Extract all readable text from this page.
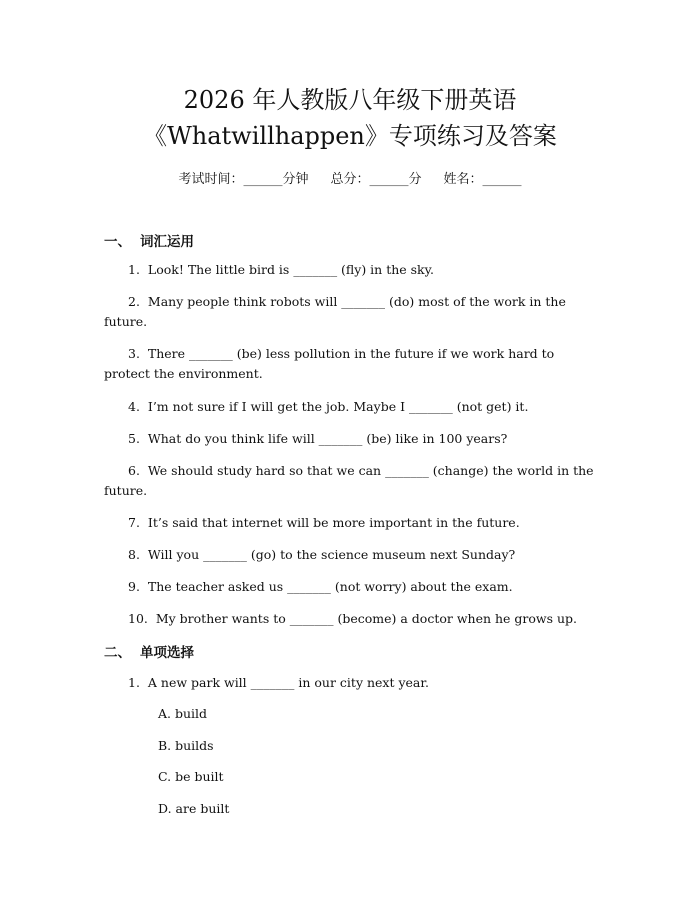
2026 年人教版八年级下册英语
《Whatwillhappen》专项练习及答案
考试时间：______分钟 总分：______分 姓名：______
一、 词汇运用
1. Look! The little bird is _______ (fly) in the sky.
2. Many people think robots will _______ (do) most of the work in the future.
3. There _______ (be) less pollution in the future if we work hard to protect the environment.
4. I’m not sure if I will get the job. Maybe I _______ (not get) it.
5. What do you think life will _______ (be) like in 100 years?
6. We should study hard so that we can _______ (change) the world in the future.
7. It’s said that internet will be more important in the future.
8. Will you _______ (go) to the science museum next Sunday?
9. The teacher asked us _______ (not worry) about the exam.
10. My brother wants to _______ (become) a doctor when he grows up.
二、 单项选择
1. A new park will _______ in our city next year.
A. build
B. builds
C. be built
D. are built
